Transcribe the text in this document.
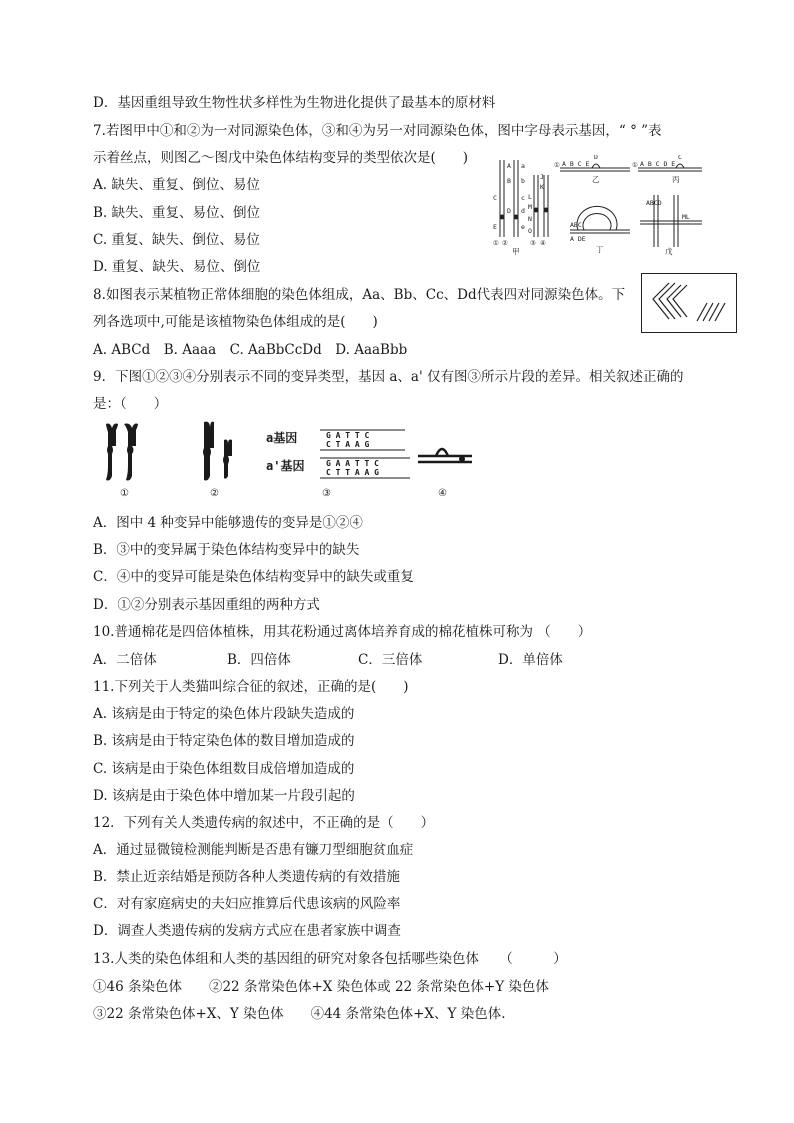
D．基因重组导致生物性状多样性为生物进化提供了最基本的原材料
7.若图甲中①和②为一对同源染色体，③和④为另一对同源染色体，图中字母表示基因，“ ° ”表
示着丝点，则图乙～图戊中染色体结构变异的类型依次是(　　)
A. 缺失、重复、倒位、易位
B. 缺失、重复、易位、倒位
C. 重复、缺失、倒位、易位
D. 重复、缺失、易位、倒位
8.如图表示某植物正常体细胞的染色体组成，Aa、Bb、Cc、Dd代表四对同源染色体。下
列各选项中,可能是该植物染色体组成的是(　　)
A. ABCd　B. Aaaa　C. AaBbCcDd　D. AaaBbb
9．下图①②③④分别表示不同的变异类型，基因 a、a' 仅有图③所示片段的差异。相关叙述正确的
是：（　　）
A．图中 4 种变异中能够遗传的变异是①②④
B．③中的变异属于染色体结构变异中的缺失
C．④中的变异可能是染色体结构变异中的缺失或重复
D．①②分别表示基因重组的两种方式
10.普通棉花是四倍体植株，用其花粉通过离体培养育成的棉花植株可称为 （　　）
A．二倍体	B．四倍体	C．三倍体	D．单倍体
11.下列关于人类猫叫综合征的叙述，正确的是(　　)
A. 该病是由于特定的染色体片段缺失造成的
B. 该病是由于特定染色体的数目增加造成的
C. 该病是由于染色体组数目成倍增加造成的
D. 该病是由于染色体中增加某一片段引起的
12．下列有关人类遗传病的叙述中，不正确的是（　　）
A．通过显微镜检测能判断是否患有镰刀型细胞贫血症
B．禁止近亲结婚是预防各种人类遗传病的有效措施
C．对有家庭病史的夫妇应推算后代患该病的风险率
D．调查人类遗传病的发病方式应在患者家族中调查
13.人类的染色体组和人类的基因组的研究对象各包括哪些染色体　　（　　　）
①46 条染色体　　②22 条常染色体+X 染色体或 22 条常染色体+Y 染色体
③22 条常染色体+X、Y 染色体　　④44 条常染色体+X、Y 染色体.
A
B
C
D
E
a
b
c
d
e
J
K
L
M
N
O
① ②	③ ④
① A B C E
D
① A B C D E
C
ABC
A DE
ABCD
ML
甲
乙	丙
丁	戊
①	②	③	④
a基因
a'基因
G A T T C
C T A A G
G A A T T C
C T T A A G
